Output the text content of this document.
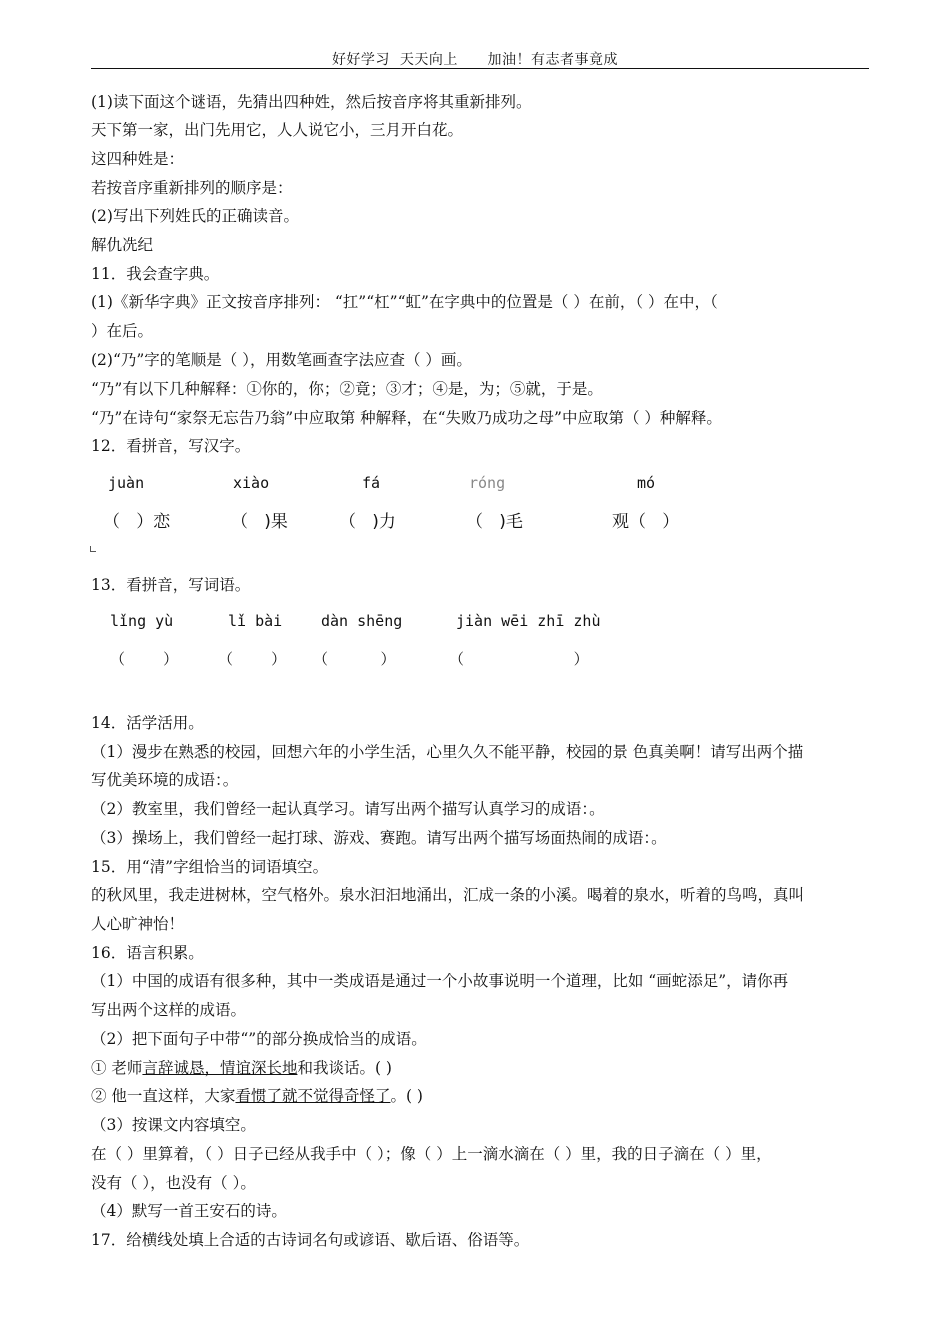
好好学习  天天向上 加油！有志者事竟成
(1)读下面这个谜语，先猜出四种姓，然后按音序将其重新排列。
天下第一家，出门先用它，人人说它小，三月开白花。
这四种姓是：
若按音序重新排列的顺序是：
(2)写出下列姓氏的正确读音。
解仇冼纪
11．我会查字典。
(1)《新华字典》正文按音序排列： “扛”“杠”“虹”在字典中的位置是（ ）在前，（ ）在中，（
）在后。
(2)“乃”字的笔顺是（ ），用数笔画查字法应查（ ）画。
“乃”有以下几种解释：①你的，你；②竟；③才；④是，为；⑤就，于是。
“乃”在诗句“家祭无忘告乃翁”中应取第 种解释，在“失败乃成功之母”中应取第（ ）种解释。
12．看拼音，写汉字。
juàn	xiào	fá	róng	mó
（   ）恋	（   )果	（   )力	（   )毛	观（   ）
13．看拼音，写词语。
lǐng yù	lǐ bài	dàn shēng	jiàn wēi zhī zhù
（        ）	（        ） （           ）	（                       ）
14．活学活用。
（1）漫步在熟悉的校园，回想六年的小学生活，心里久久不能平静，校园的景 色真美啊！请写出两个描
写优美环境的成语：。
（2）教室里，我们曾经一起认真学习。请写出两个描写认真学习的成语：。
（3）操场上，我们曾经一起打球、游戏、赛跑。请写出两个描写场面热闹的成语：。
15．用“清”字组恰当的词语填空。
的秋风里，我走进树林，空气格外。泉水汩汩地涌出，汇成一条的小溪。喝着的泉水，听着的鸟鸣，真叫
人心旷神怡！
16．语言积累。
（1）中国的成语有很多种，其中一类成语是通过一个小故事说明一个道理，比如 “画蛇添足”，请你再
写出两个这样的成语。
（2）把下面句子中带“”的部分换成恰当的成语。
① 老师言辞诚恳，情谊深长地和我谈话。( )
② 他一直这样，大家看惯了就不觉得奇怪了。( )
（3）按课文内容填空。
在（ ）里算着，（ ）日子已经从我手中（ ）；像（ ）上一滴水滴在（ ）里，我的日子滴在（ ）里，
没有（ ），也没有（ ）。
（4）默写一首王安石的诗。
17．给横线处填上合适的古诗词名句或谚语、歇后语、俗语等。
